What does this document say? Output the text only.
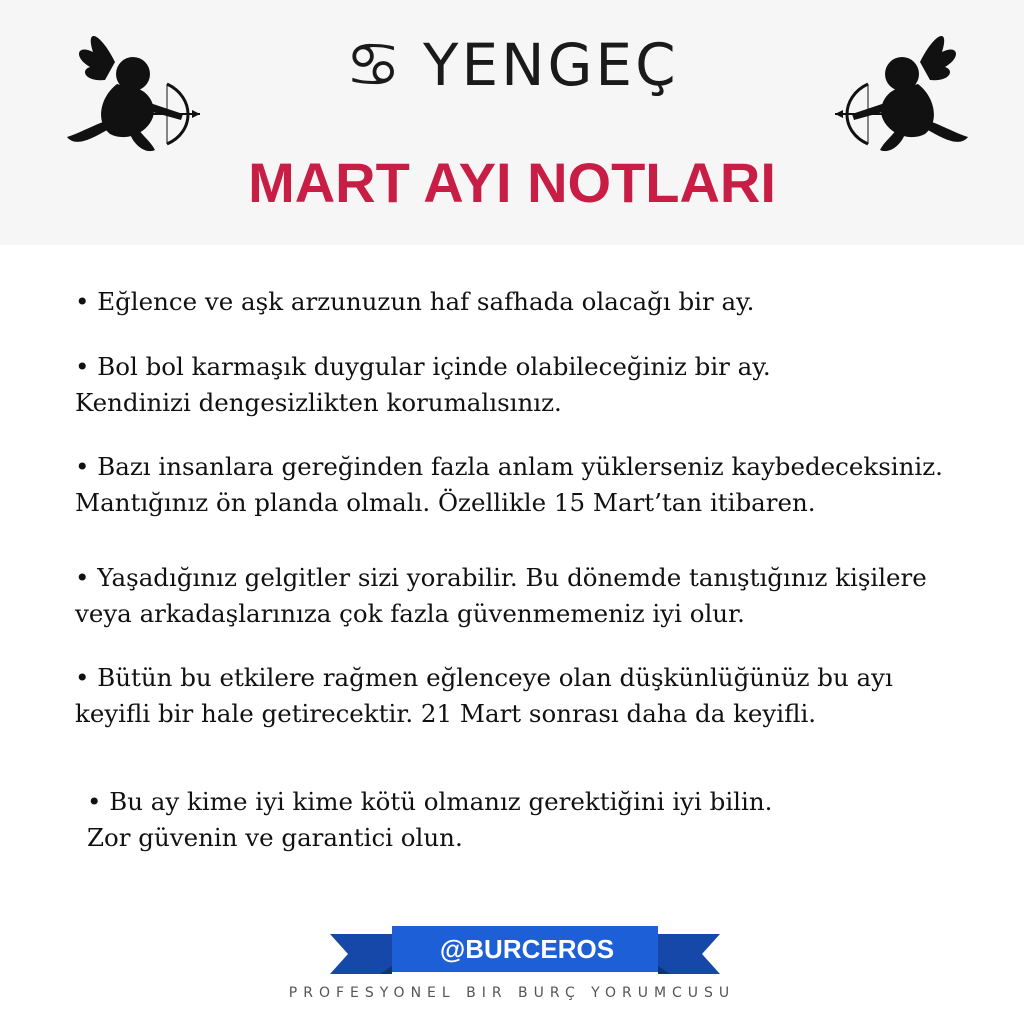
♋ YENGEÇ
MART AYI NOTLARI
• Eğlence ve aşk arzunuzun haf safhada olacağı bir ay.
• Bol bol karmaşık duygular içinde olabileceğiniz bir ay.
Kendinizi dengesizlikten korumalısınız.
• Bazı insanlara gereğinden fazla anlam yüklerseniz kaybedeceksiniz.
Mantığınız ön planda olmalı. Özellikle 15 Mart’tan itibaren.
• Yaşadığınız gelgitler sizi yorabilir. Bu dönemde tanıştığınız kişilere
veya arkadaşlarınıza çok fazla güvenmemeniz iyi olur.
• Bütün bu etkilere rağmen eğlenceye olan düşkünlüğünüz bu ayı
keyifli bir hale getirecektir. 21 Mart sonrası daha da keyifli.
• Bu ay kime iyi kime kötü olmanız gerektiğini iyi bilin.
Zor güvenin ve garantici olun.
@BURCEROS
PROFESYONEL BIR BURÇ YORUMCUSU
